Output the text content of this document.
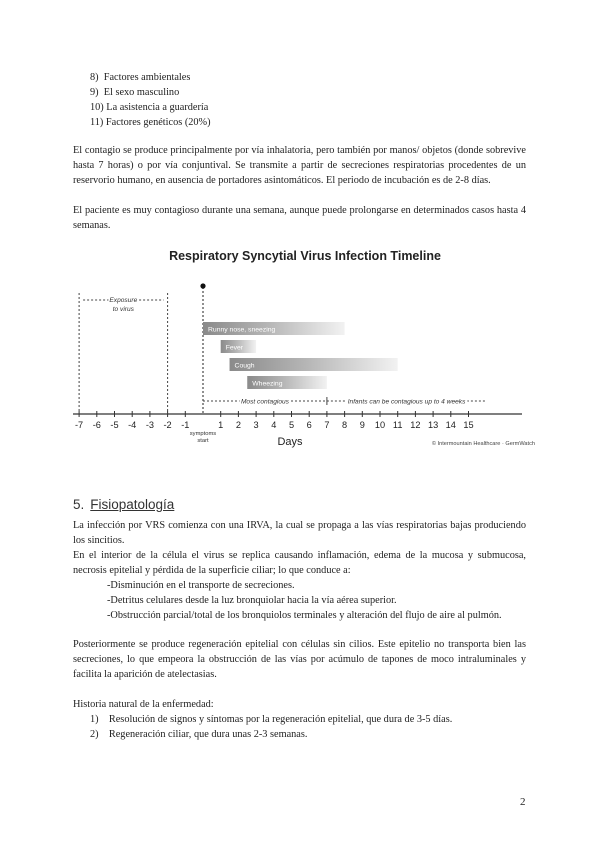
8)  Factores ambientales
9)  El sexo masculino
10) La asistencia a guardería
11) Factores genéticos (20%)
El contagio se produce principalmente por vía inhalatoria, pero también por manos/ objetos (donde sobrevive hasta 7 horas) o por vía conjuntival. Se transmite a partir de secreciones respiratorias procedentes de un reservorio humano, en ausencia de portadores asintomáticos. El periodo de incubación es de 2-8 días.
El paciente es muy contagioso durante una semana, aunque puede prolongarse en determinados casos hasta 4 semanas.
Respiratory Syncytial Virus Infection Timeline
-7 -6 -5 -4 -3 -2 -1	1 2 3 4 5 6 7 8 9 10 11 12 13 14 15
Exposure
to virus
symptoms
start
Runny nose, sneezing
Fever
Cough
Wheezing
Most contagious	Infants can be contagious up to 4 weeks
Days	© Intermountain Healthcare · GermWatch
5. Fisiopatología
La infección por VRS comienza con una IRVA, la cual se propaga a las vías respiratorias bajas produciendo los sincitios.
En el interior de la célula el virus se replica causando inflamación, edema de la mucosa y submucosa, necrosis epitelial y pérdida de la superficie ciliar; lo que conduce a:
-Disminución en el transporte de secreciones.
-Detritus celulares desde la luz bronquiolar hacia la vía aérea superior.
-Obstrucción parcial/total de los bronquiolos terminales y alteración del flujo de aire al pulmón.
Posteriormente se produce regeneración epitelial con células sin cilios. Este epitelio no transporta bien las secreciones, lo que empeora la obstrucción de las vías por acúmulo de tapones de moco intraluminales y facilita la aparición de atelectasias.
Historia natural de la enfermedad:
1)    Resolución de signos y síntomas por la regeneración epitelial, que dura de 3-5 días.
2)    Regeneración ciliar, que dura unas 2-3 semanas.
2
